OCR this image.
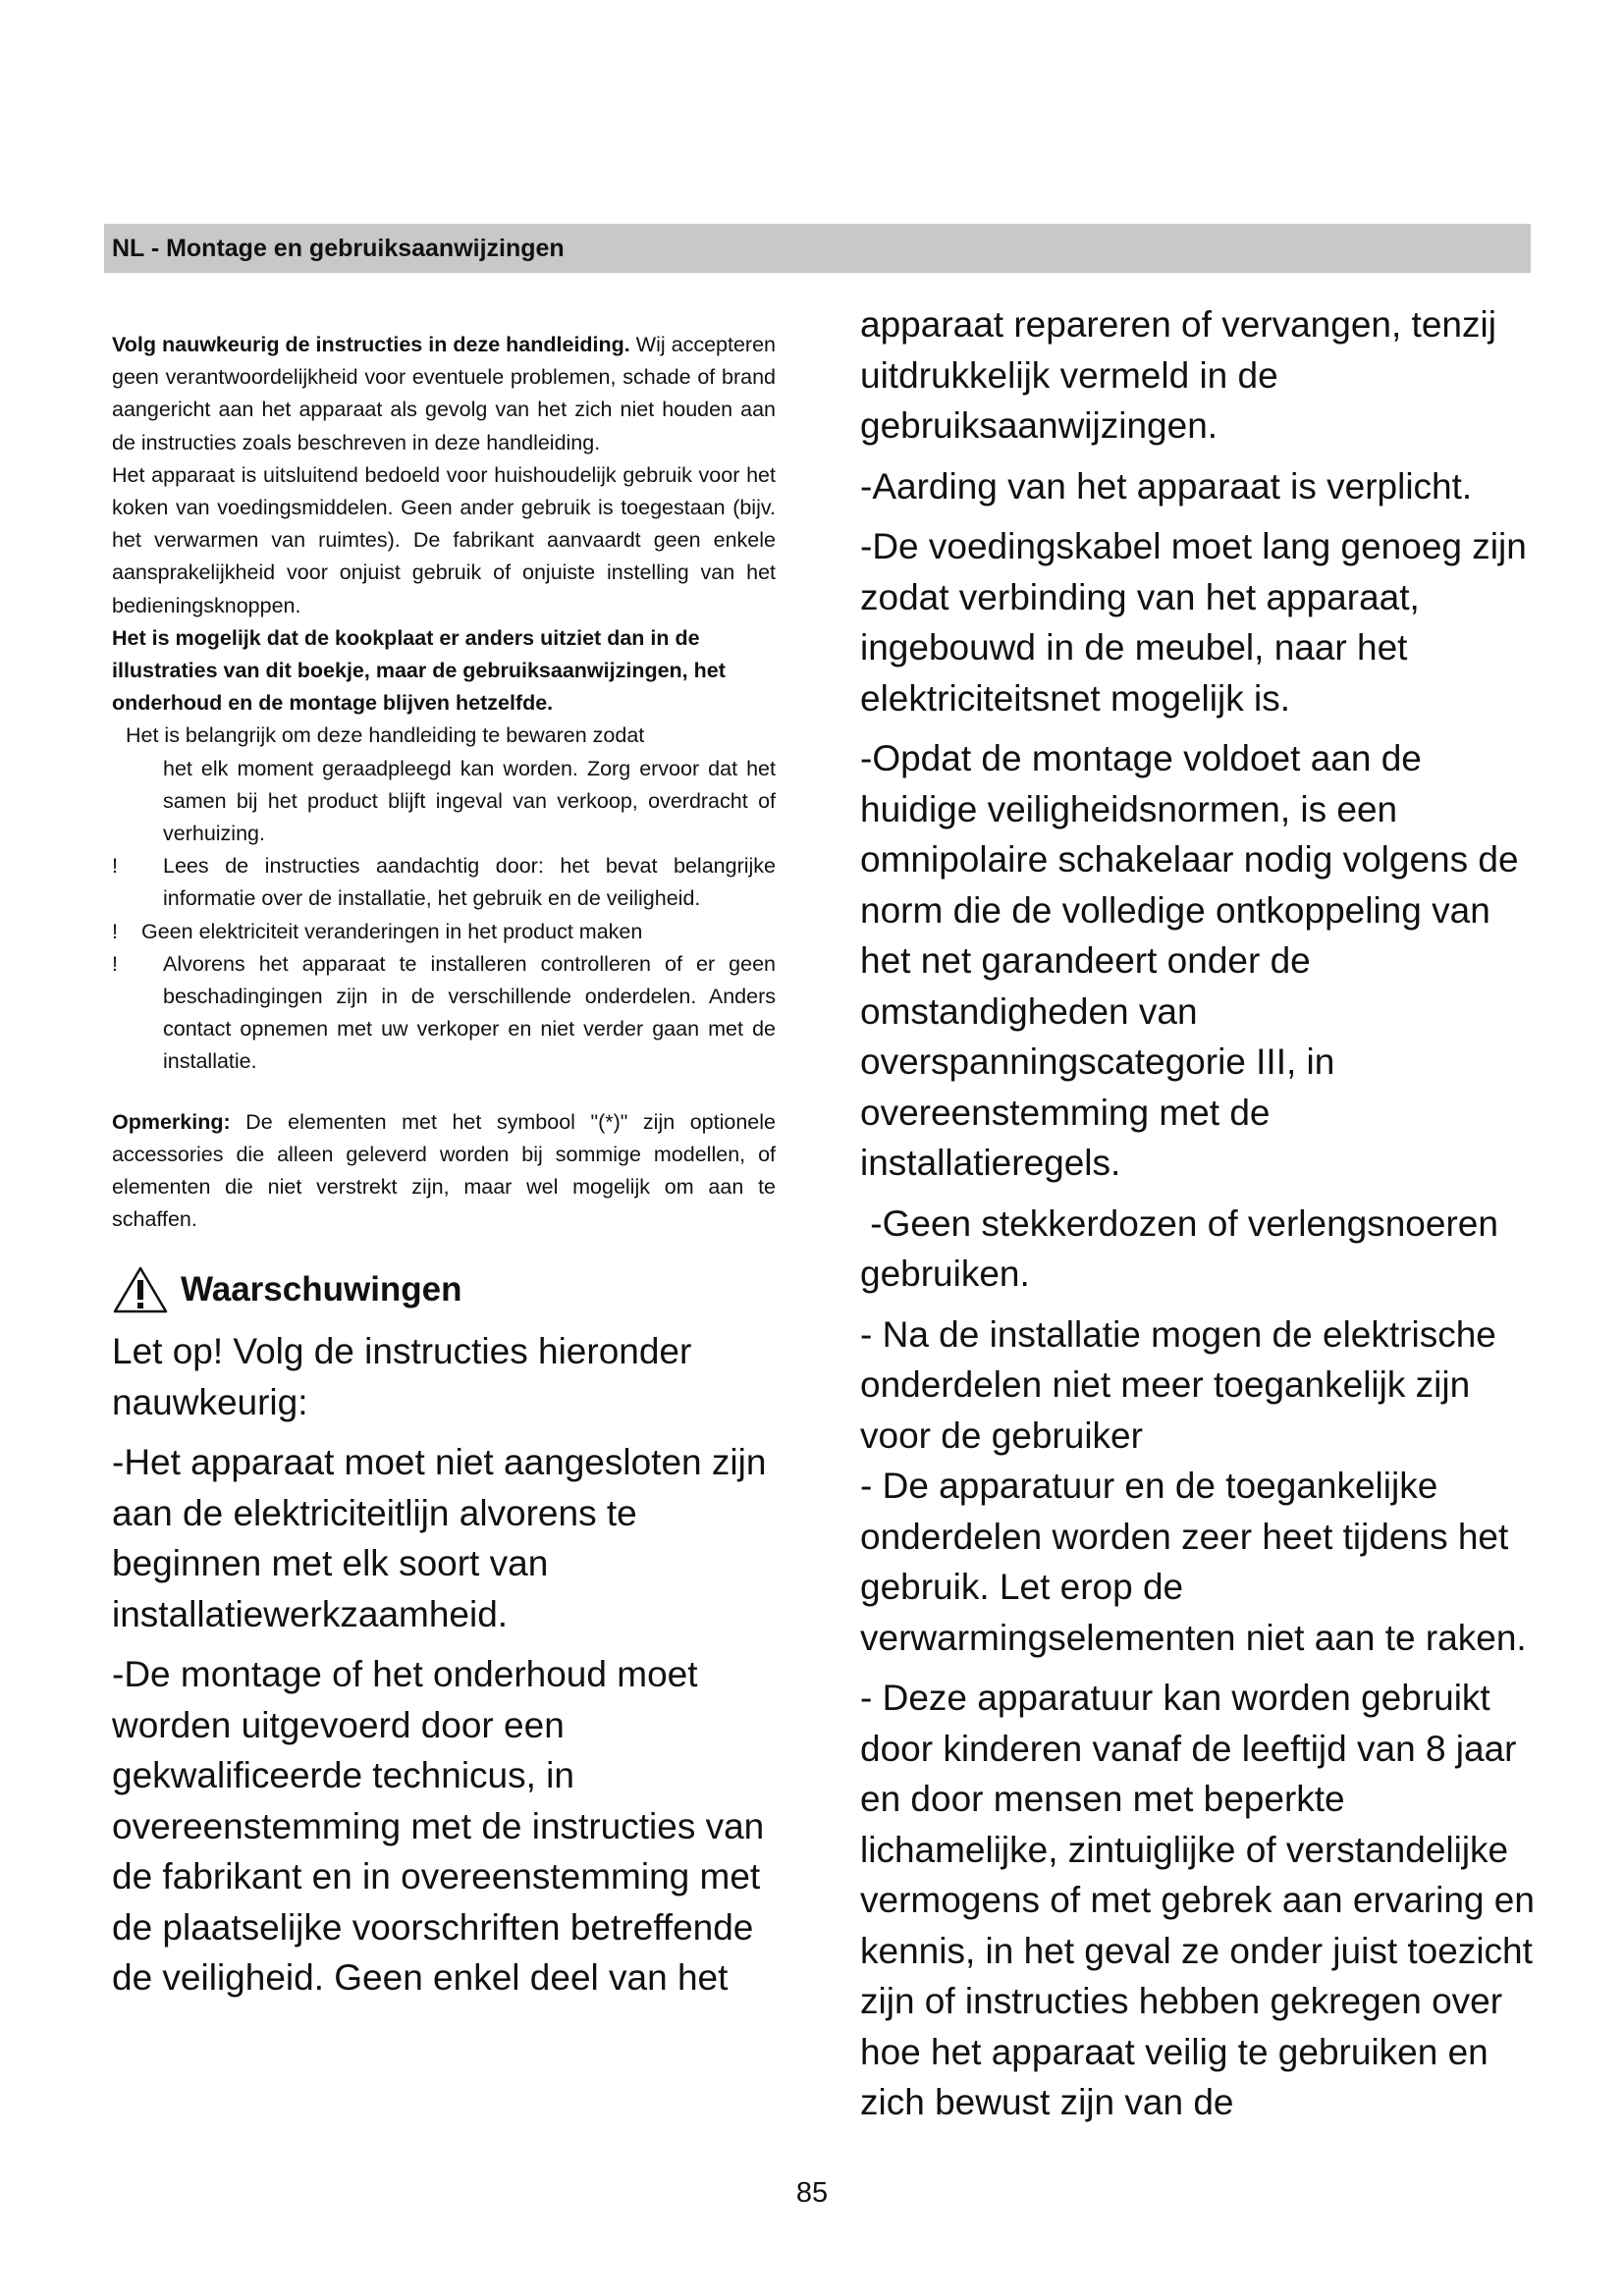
NL - Montage en gebruiksaanwijzingen

Volg nauwkeurig de instructies in deze handleiding. Wij accepteren geen verantwoordelijkheid voor eventuele problemen, schade of brand aangericht aan het apparaat als gevolg van het zich niet houden aan de instructies zoals beschreven in deze handleiding.

Het apparaat is uitsluitend bedoeld voor huishoudelijk gebruik voor het koken van voedingsmiddelen. Geen ander gebruik is toegestaan (bijv. het verwarmen van ruimtes). De fabrikant aanvaardt geen enkele aansprakelijkheid voor onjuist gebruik of onjuiste instelling van het bedieningsknoppen.

Het is mogelijk dat de kookplaat er anders uitziet dan in de illustraties van dit boekje, maar de gebruiksaanwijzingen, het onderhoud en de montage blijven hetzelfde.

Het is belangrijk om deze handleiding te bewaren zodat

het elk moment geraadpleegd kan worden. Zorg ervoor dat het samen bij het product blijft ingeval van verkoop, overdracht of verhuizing.

!	Lees de instructies aandachtig door: het bevat belangrijke informatie over de installatie, het gebruik en de veiligheid.
!	Geen elektriciteit veranderingen in het product maken
!	Alvorens het apparaat te installeren controlleren of er geen beschadingingen zijn in de verschillende onderdelen. Anders contact opnemen met uw verkoper en niet verder gaan met de installatie.

Opmerking: De elementen met het symbool "(*)" zijn optionele accessories die alleen geleverd worden bij sommige modellen, of elementen die niet verstrekt zijn, maar wel mogelijk om aan te schaffen.

Waarschuwingen

Let op! Volg de instructies hieronder nauwkeurig:

-Het apparaat moet niet aangesloten zijn aan de elektriciteitlijn alvorens te beginnen met elk soort van installatiewerkzaamheid.

-De montage of het onderhoud moet worden uitgevoerd door een gekwalificeerde technicus, in overeenstemming met de instructies van de fabrikant en in overeenstemming met de plaatselijke voorschriften betreffende de veiligheid. Geen enkel deel van het

apparaat repareren of vervangen, tenzij uitdrukkelijk vermeld in de gebruiksaanwijzingen.

-Aarding van het apparaat is verplicht.

-De voedingskabel moet lang genoeg zijn zodat verbinding van het apparaat, ingebouwd in de meubel, naar het elektriciteitsnet mogelijk is.

-Opdat de montage voldoet aan de huidige veiligheidsnormen, is een omnipolaire schakelaar nodig volgens de norm die de volledige ontkoppeling van het net garandeert onder de omstandigheden van overspanningscategorie III, in overeenstemming met de installatieregels.

-Geen stekkerdozen of verlengsnoeren gebruiken.

- Na de installatie mogen de elektrische onderdelen niet meer toegankelijk zijn voor de gebruiker

- De apparatuur en de toegankelijke onderdelen worden zeer heet tijdens het gebruik. Let erop de verwarmingselementen niet aan te raken.

- Deze apparatuur kan worden gebruikt door kinderen vanaf de leeftijd van 8 jaar en door mensen met beperkte lichamelijke, zintuiglijke of verstandelijke vermogens of met gebrek aan ervaring en kennis, in het geval ze onder juist toezicht zijn of instructies hebben gekregen over hoe het apparaat veilig te gebruiken en zich bewust zijn van de

85
